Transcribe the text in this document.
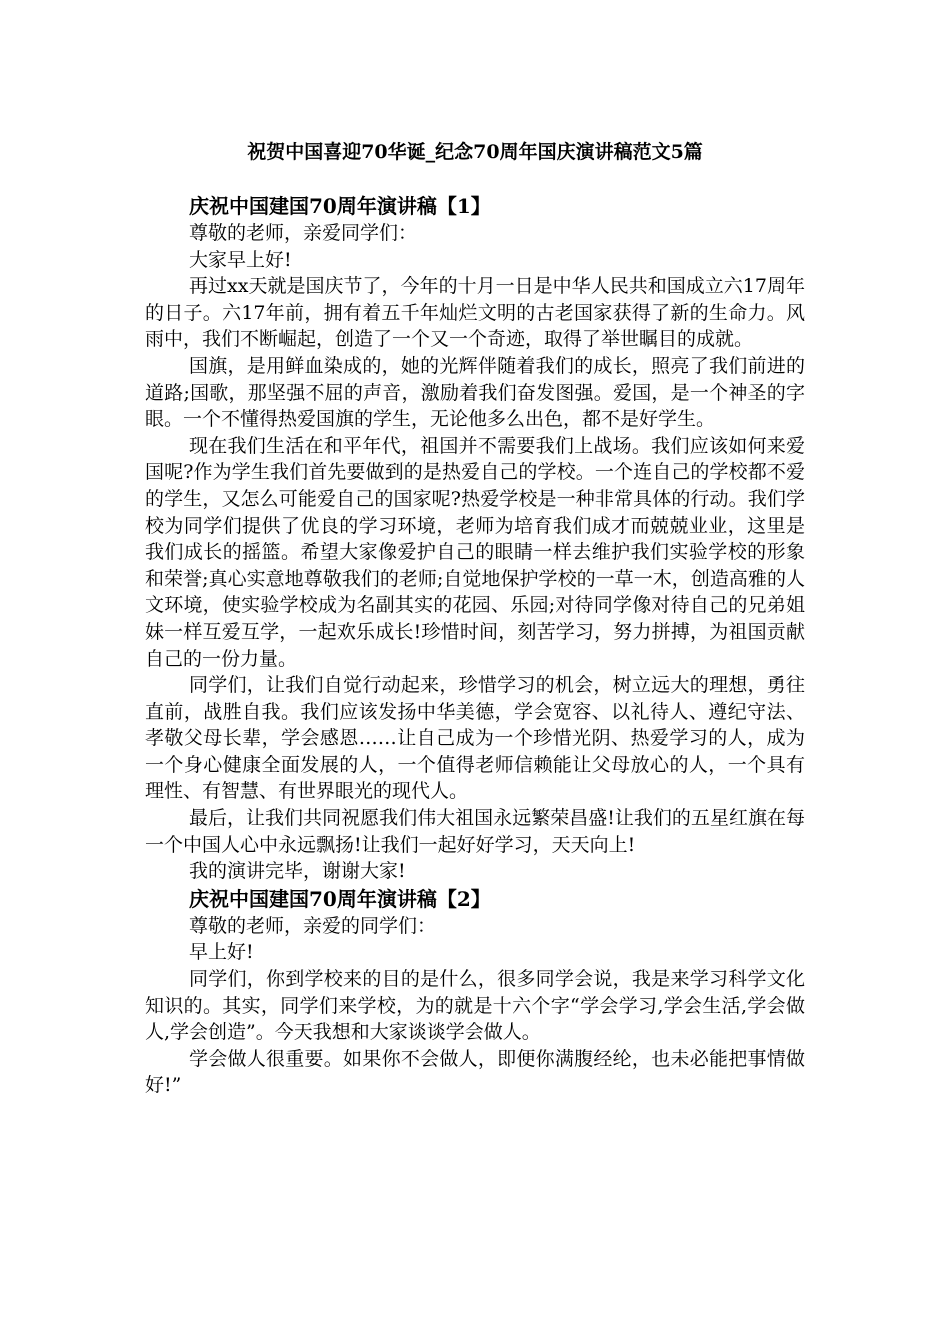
祝贺中国喜迎70华诞_纪念70周年国庆演讲稿范文5篇
庆祝中国建国70周年演讲稿【1】

尊敬的老师，亲爱同学们：

大家早上好!

再过xx天就是国庆节了，今年的十月一日是中华人民共和国成立六17周年的日子。六17年前，拥有着五千年灿烂文明的古老国家获得了新的生命力。风雨中，我们不断崛起，创造了一个又一个奇迹，取得了举世瞩目的成就。

国旗，是用鲜血染成的，她的光辉伴随着我们的成长，照亮了我们前进的道路;国歌，那坚强不屈的声音，激励着我们奋发图强。爱国，是一个神圣的字眼。一个不懂得热爱国旗的学生，无论他多么出色，都不是好学生。

现在我们生活在和平年代，祖国并不需要我们上战场。我们应该如何来爱国呢?作为学生我们首先要做到的是热爱自己的学校。一个连自己的学校都不爱的学生，又怎么可能爱自己的国家呢?热爱学校是一种非常具体的行动。我们学校为同学们提供了优良的学习环境，老师为培育我们成才而兢兢业业，这里是我们成长的摇篮。希望大家像爱护自己的眼睛一样去维护我们实验学校的形象和荣誉;真心实意地尊敬我们的老师;自觉地保护学校的一草一木，创造高雅的人文环境，使实验学校成为名副其实的花园、乐园;对待同学像对待自己的兄弟姐妹一样互爱互学，一起欢乐成长!珍惜时间，刻苦学习，努力拼搏，为祖国贡献自己的一份力量。

同学们，让我们自觉行动起来，珍惜学习的机会，树立远大的理想，勇往直前，战胜自我。我们应该发扬中华美德，学会宽容、以礼待人、遵纪守法、孝敬父母长辈，学会感恩……让自己成为一个珍惜光阴、热爱学习的人，成为一个身心健康全面发展的人，一个值得老师信赖能让父母放心的人，一个具有理性、有智慧、有世界眼光的现代人。

最后，让我们共同祝愿我们伟大祖国永远繁荣昌盛!让我们的五星红旗在每一个中国人心中永远飘扬!让我们一起好好学习，天天向上!

我的演讲完毕，谢谢大家!

庆祝中国建国70周年演讲稿【2】

尊敬的老师，亲爱的同学们：

早上好!

同学们，你到学校来的目的是什么，很多同学会说，我是来学习科学文化知识的。其实，同学们来学校，为的就是十六个字“学会学习,学会生活,学会做人,学会创造”。今天我想和大家谈谈学会做人。

学会做人很重要。如果你不会做人，即便你满腹经纶，也未必能把事情做好!”
